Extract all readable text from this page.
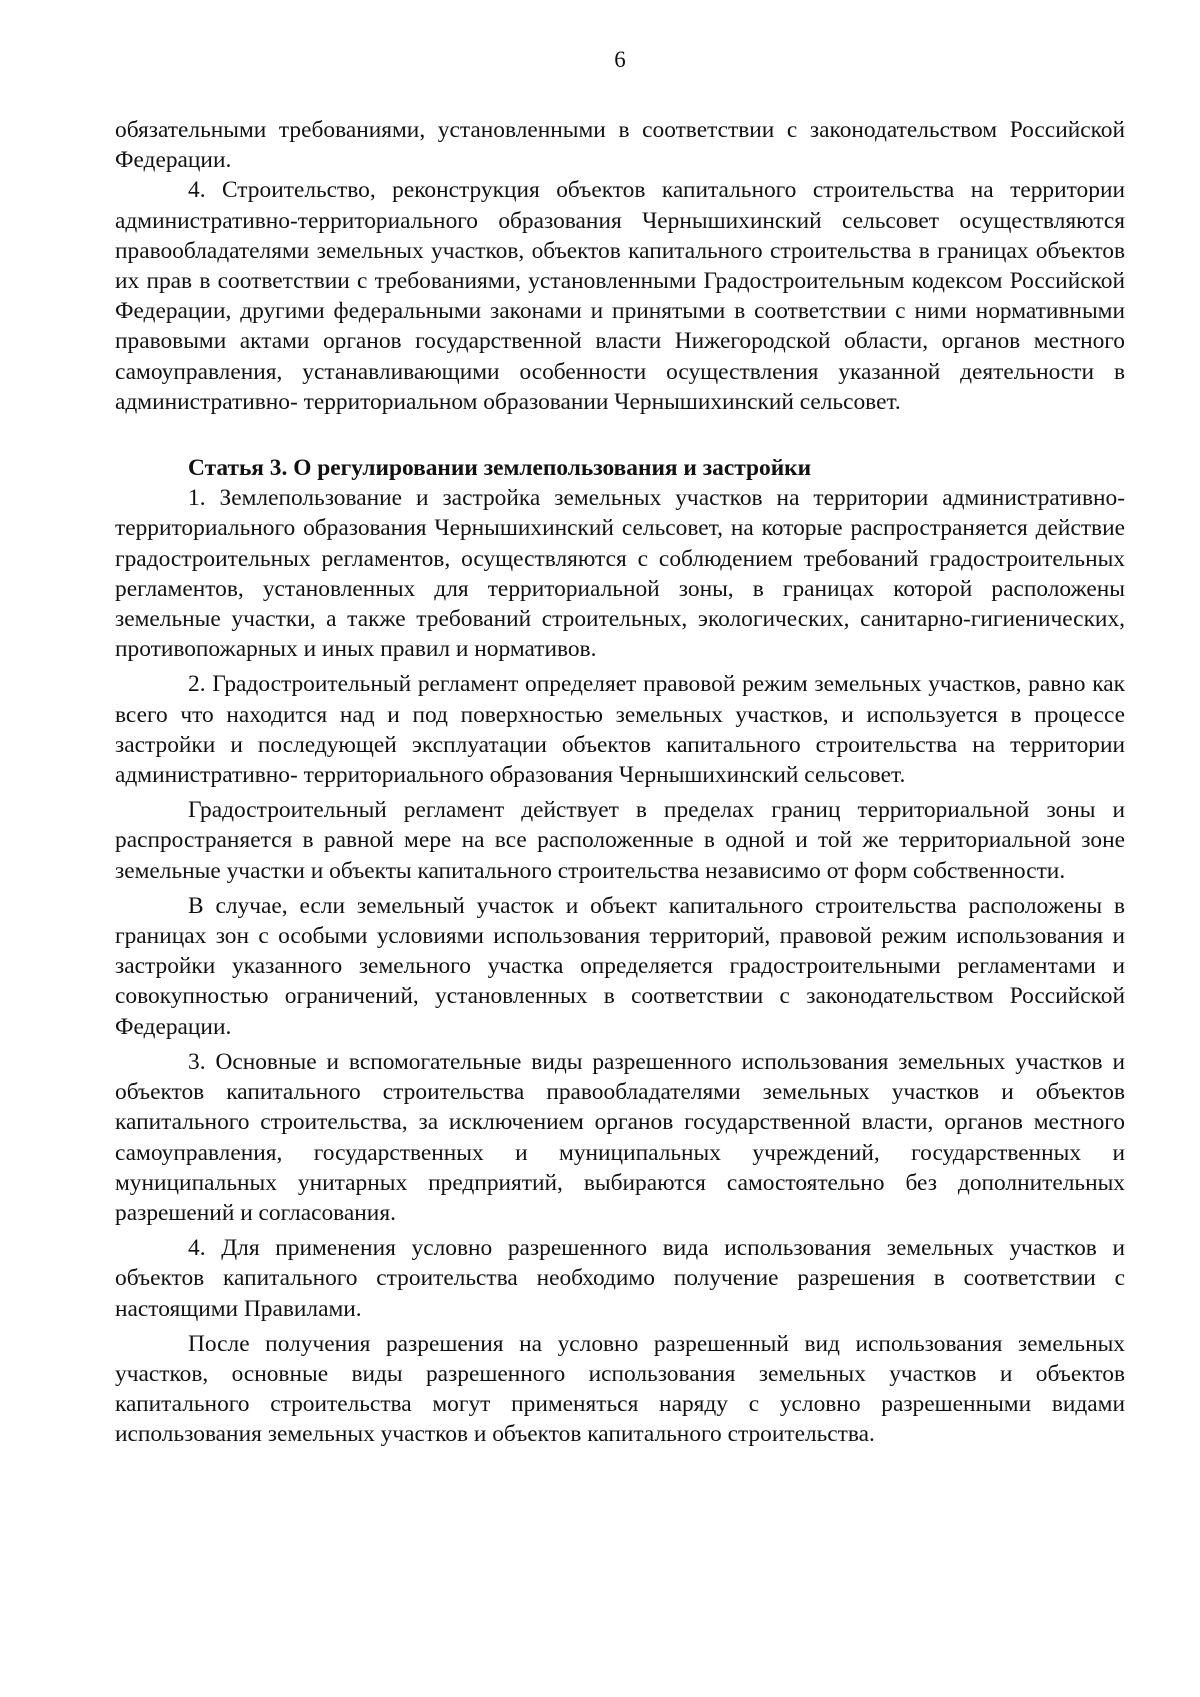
6

обязательными требованиями, установленными в соответствии с законодательством Российской Федерации.

4. Строительство, реконструкция объектов капитального строительства на территории административно-территориального образования Чернышихинский сельсовет осуществляются правообладателями земельных участков, объектов капитального строительства в границах объектов их прав в соответствии с требованиями, установленными Градостроительным кодексом Российской Федерации, другими федеральными законами и принятыми в соответствии с ними нормативными правовыми актами органов государственной власти Нижегородской области, органов местного самоуправления, устанавливающими особенности осуществления указанной деятельности в административно- территориальном образовании Чернышихинский сельсовет.

Статья 3. О регулировании землепользования и застройки

1. Землепользование и застройка земельных участков на территории административно-территориального образования Чернышихинский сельсовет, на которые распространяется действие градостроительных регламентов, осуществляются с соблюдением требований градостроительных регламентов, установленных для территориальной зоны, в границах которой расположены земельные участки, а также требований строительных, экологических, санитарно-гигиенических, противопожарных и иных правил и нормативов.

2. Градостроительный регламент определяет правовой режим земельных участков, равно как всего что находится над и под поверхностью земельных участков, и используется в процессе застройки и последующей эксплуатации объектов капитального строительства на территории административно- территориального образования Чернышихинский сельсовет.

Градостроительный регламент действует в пределах границ территориальной зоны и распространяется в равной мере на все расположенные в одной и той же территориальной зоне земельные участки и объекты капитального строительства независимо от форм собственности.

В случае, если земельный участок и объект капитального строительства расположены в границах зон с особыми условиями использования территорий, правовой режим использования и застройки указанного земельного участка определяется градостроительными регламентами и совокупностью ограничений, установленных в соответствии с законодательством Российской Федерации.

3. Основные и вспомогательные виды разрешенного использования земельных участков и объектов капитального строительства правообладателями земельных участков и объектов капитального строительства, за исключением органов государственной власти, органов местного самоуправления, государственных и муниципальных учреждений, государственных и муниципальных унитарных предприятий, выбираются самостоятельно без дополнительных разрешений и согласования.

4. Для применения условно разрешенного вида использования земельных участков и объектов капитального строительства необходимо получение разрешения в соответствии с настоящими Правилами.

После получения разрешения на условно разрешенный вид использования земельных участков, основные виды разрешенного использования земельных участков и объектов капитального строительства могут применяться наряду с условно разрешенными видами использования земельных участков и объектов капитального строительства.
